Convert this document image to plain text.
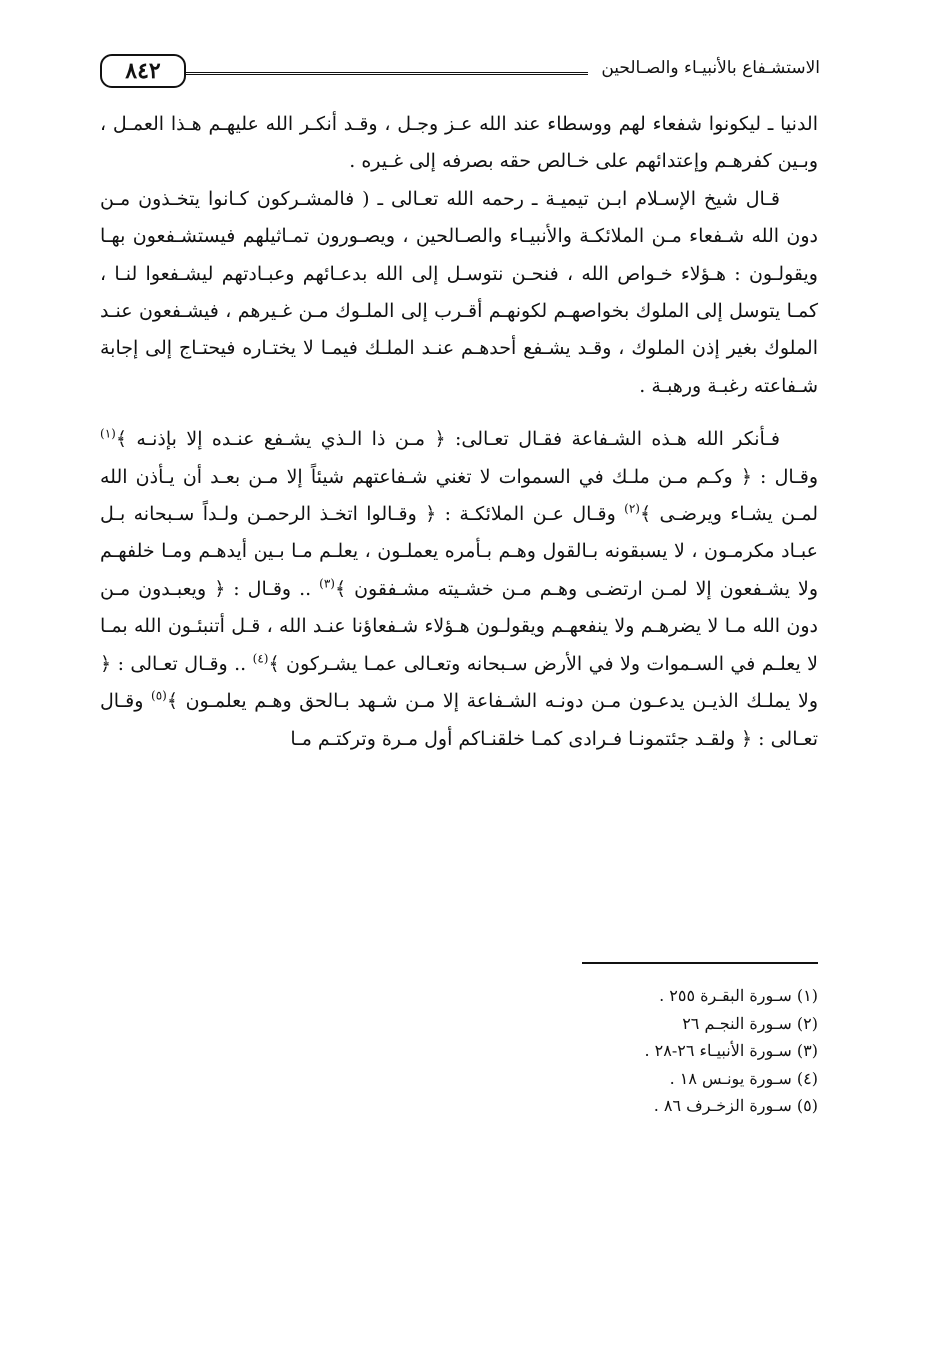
٨٤٢	الاستشـفاع بالأنبيـاء والصـالحين

الدنيا ـ ليكونوا شفعاء لهم ووسطاء عند الله عـز وجـل ، وقـد أنكـر الله عليهـم هـذا العمـل ، وبـين كفرهـم وإعتدائهم على خـالص حقه بصرفه إلى غـيره .

  قـال شيخ الإسـلام ابـن تيميـة ـ رحمه الله تعـالى ـ ( فالمشـركون كـانوا يتخـذون مـن دون الله شـفعاء مـن الملائكـة والأنبيـاء والصـالحين ، ويصـورون تمـاثيلهم فيستشـفعون بهـا ويقولـون : هـؤلاء خـواص الله ، فنحـن نتوسـل إلى الله بدعـائهم وعبـادتهم ليشـفعوا لنـا ، كمـا يتوسل إلى الملوك بخواصهـم لكونهـم أقـرب إلى الملـوك مـن غـيرهم ، فيشـفعون عنـد الملوك بغير إذن الملوك ، وقـد يشـفع أحدهـم عنـد الملـك فيمـا لا يختـاره فيحتـاج إلى إجابة شـفاعته رغبـة ورهبـة .

  فـأنكر الله هـذه الشـفاعة فقـال تعـالى: ﴿ مـن ذا الـذي يشـفع عنـده إلا بإذنـه ﴾$^{(١)}$ وقـال : ﴿ وكـم مـن ملـك في السموات لا تغني شـفاعتهم شيئاً إلا مـن بعـد أن يـأذن الله لمـن يشـاء ويرضـى ﴾$^{(٢)}$ وقـال عـن الملائكـة : ﴿ وقـالوا اتخـذ الرحمـن ولـداً سـبحانه بـل عبـاد مكرمـون ، لا يسبقونه بـالقول وهـم بـأمره يعملـون ، يعلـم مـا بـين أيدهـم ومـا خلفهـم ولا يشـفعون إلا لمـن ارتضـى وهـم مـن خشـيته مشـفقون ﴾$^{(٣)}$ .. وقـال : ﴿ ويعبـدون مـن دون الله مـا لا يضرهـم ولا ينفعهـم ويقولـون هـؤلاء شـفعاؤنا عنـد الله ، قـل أتنبئـون الله بمـا لا يعلـم في السـموات ولا في الأرض سـبحانه وتعـالى عمـا يشـركون ﴾$^{(٤)}$ .. وقـال تعـالى : ﴿ ولا يملـك الذيـن يدعـون مـن دونـه الشـفاعة إلا مـن شـهد بـالحق وهـم يعلمـون ﴾$^{(٥)}$ وقـال تعـالى : ﴿ ولقـد جئتمونـا فـرادى كمـا خلقنـاكم أول مـرة وتركتـم مـا

(١) سـورة البقـرة ٢٥٥ .
(٢) سـورة النجـم ٢٦
(٣) سـورة الأنبيـاء ٢٦-٢٨ .
(٤) سـورة يونـس ١٨ .
(٥) سـورة الزخـرف ٨٦ .
